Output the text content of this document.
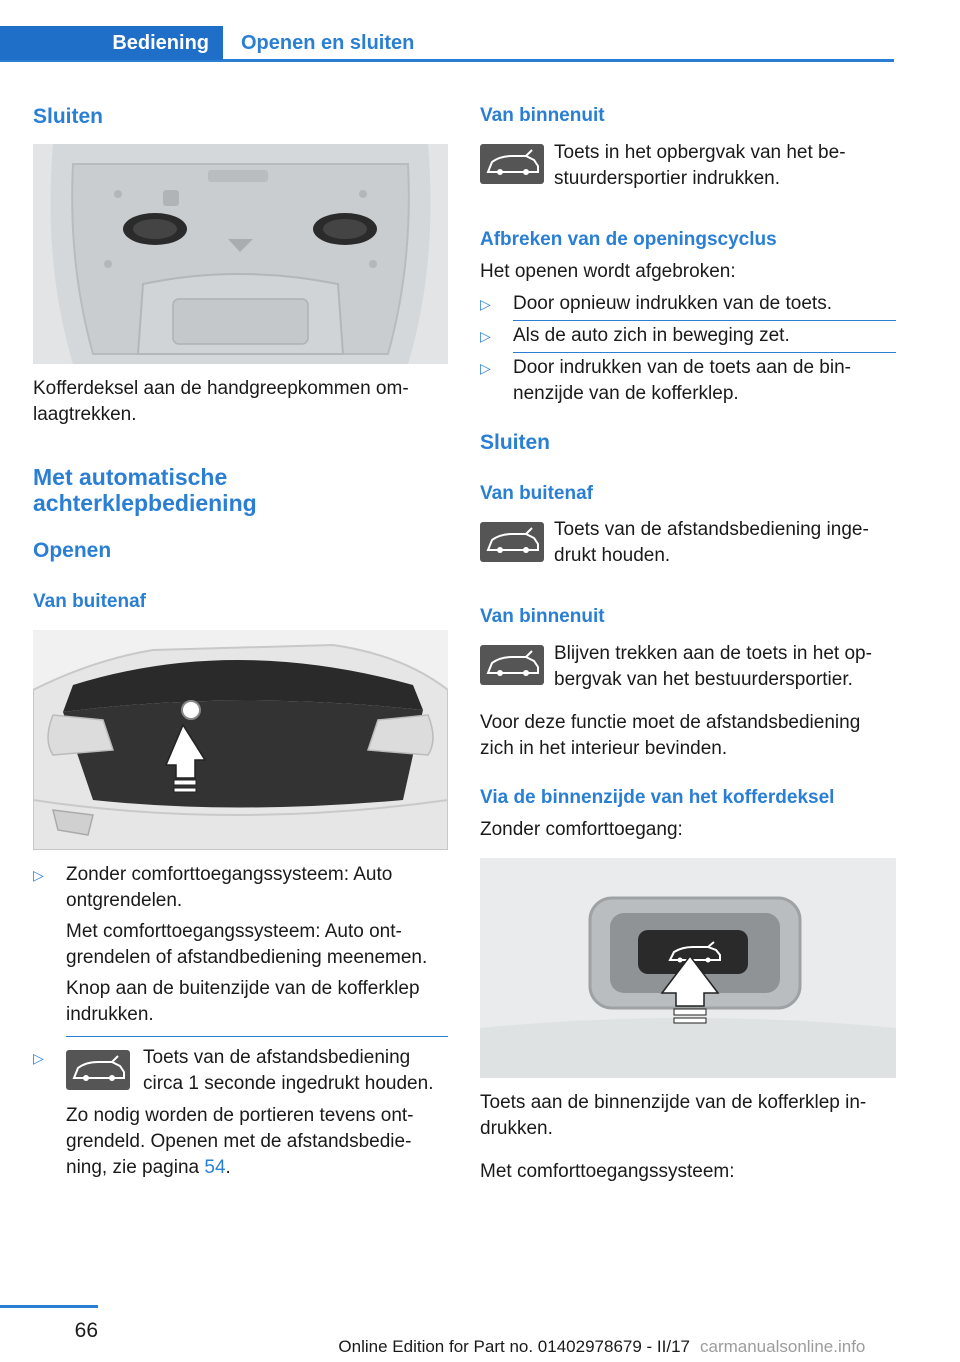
Bediening	Openen en sluiten
Sluiten
Kofferdeksel aan de handgreepkommen om-
laagtrekken.
Met automatische
achterklepbediening
Openen
Van buitenaf
▷ Zonder comforttoegangssysteem: Auto
ontgrendelen.
Met comforttoegangssysteem: Auto ont-
grendelen of afstandbediening meenemen.
Knop aan de buitenzijde van de kofferklep
indrukken.
▷	Toets van de afstandsbediening
circa 1 seconde ingedrukt houden.
Zo nodig worden de portieren tevens ont-
grendeld. Openen met de afstandsbedie-
ning, zie pagina 54.
Van binnenuit
Toets in het opbergvak van het be-
stuurdersportier indrukken.
Afbreken van de openingscyclus
Het openen wordt afgebroken:
▷ Door opnieuw indrukken van de toets.
▷ Als de auto zich in beweging zet.
▷ Door indrukken van de toets aan de bin-
nenzijde van de kofferklep.
Sluiten
Van buitenaf
Toets van de afstandsbediening inge-
drukt houden.
Van binnenuit
Blijven trekken aan de toets in het op-
bergvak van het bestuurdersportier.
Voor deze functie moet de afstandsbediening
zich in het interieur bevinden.
Via de binnenzijde van het kofferdeksel
Zonder comforttoegang:
Toets aan de binnenzijde van de kofferklep in-
drukken.
Met comforttoegangssysteem:
66
Online Edition for Part no. 01402978679 - II/17 carmanualsonline.info
